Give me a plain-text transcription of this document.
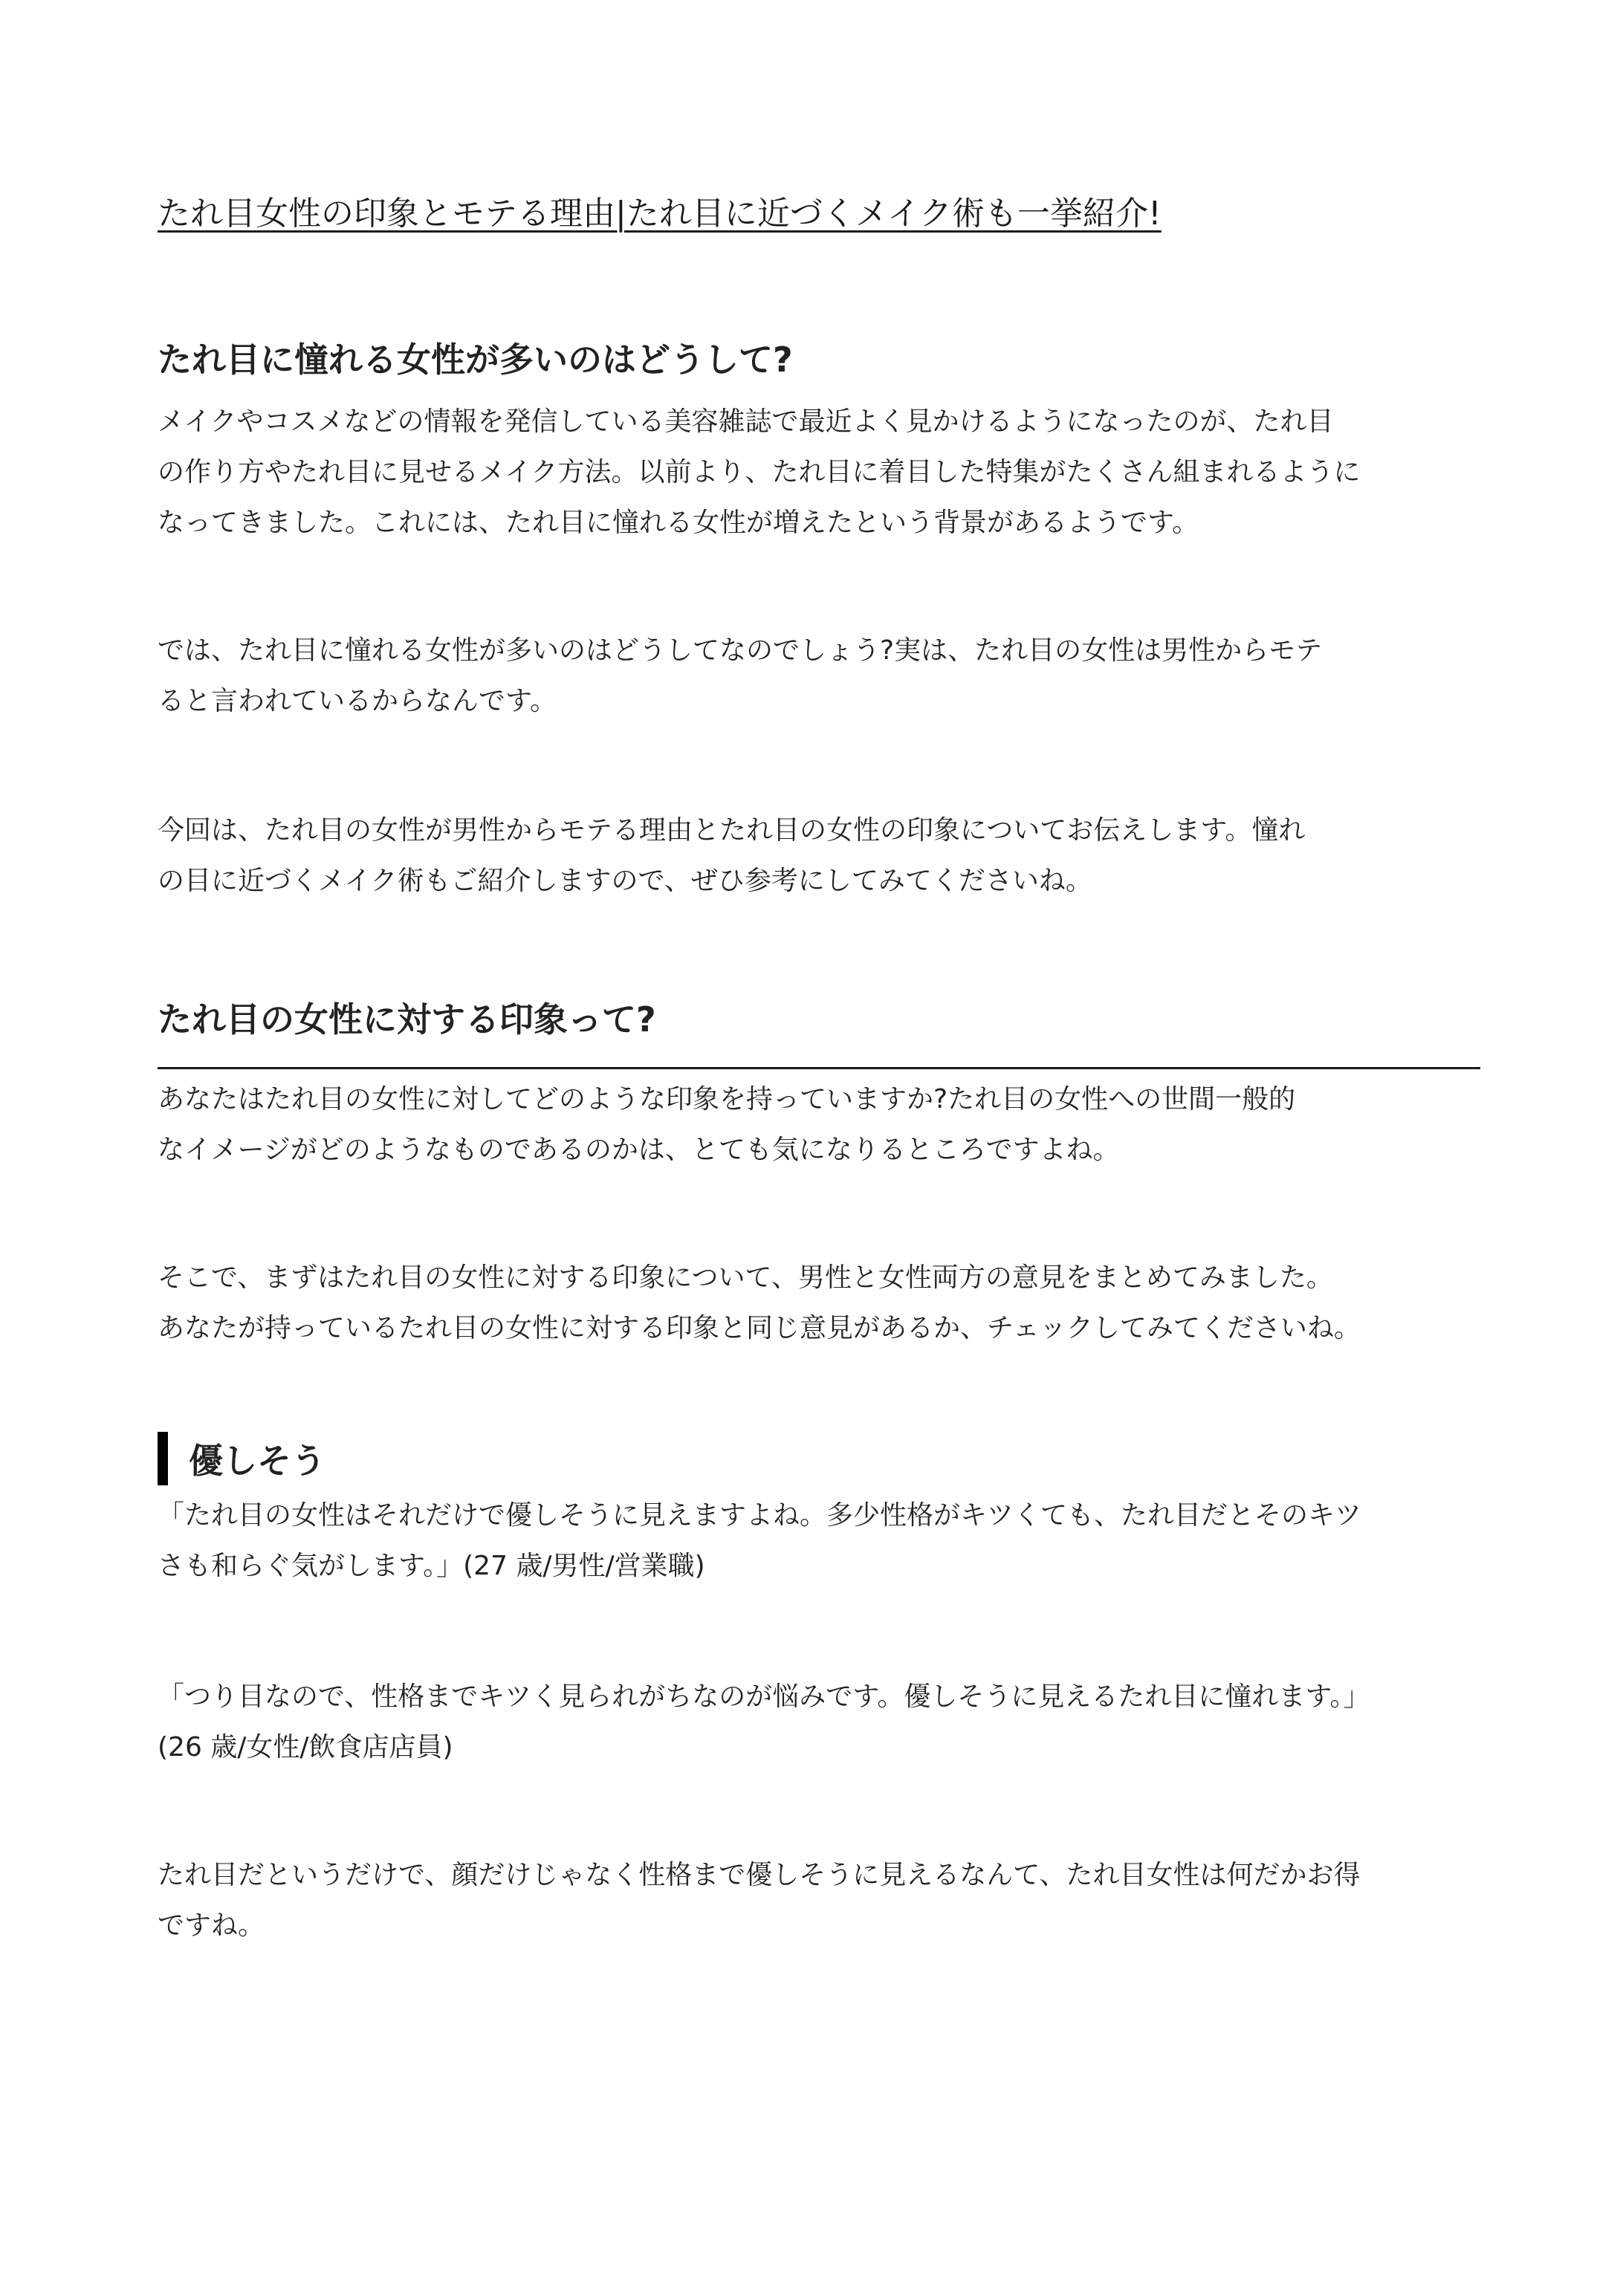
たれ目女性の印象とモテる理由|たれ目に近づくメイク術も一挙紹介!
たれ目に憧れる女性が多いのはどうして?
メイクやコスメなどの情報を発信している美容雑誌で最近よく見かけるようになったのが、たれ目
の作り方やたれ目に見せるメイク方法。以前より、たれ目に着目した特集がたくさん組まれるように
なってきました。これには、たれ目に憧れる女性が増えたという背景があるようです。
では、たれ目に憧れる女性が多いのはどうしてなのでしょう?実は、たれ目の女性は男性からモテ
ると言われているからなんです。
今回は、たれ目の女性が男性からモテる理由とたれ目の女性の印象についてお伝えします。憧れ
の目に近づくメイク術もご紹介しますので、ぜひ参考にしてみてくださいね。
たれ目の女性に対する印象って?
あなたはたれ目の女性に対してどのような印象を持っていますか?たれ目の女性への世間一般的
なイメージがどのようなものであるのかは、とても気になりるところですよね。
そこで、まずはたれ目の女性に対する印象について、男性と女性両方の意見をまとめてみました。
あなたが持っているたれ目の女性に対する印象と同じ意見があるか、チェックしてみてくださいね。
優しそう
「たれ目の女性はそれだけで優しそうに見えますよね。多少性格がキツくても、たれ目だとそのキツ
さも和らぐ気がします。」(27 歳/男性/営業職)
「つり目なので、性格までキツく見られがちなのが悩みです。優しそうに見えるたれ目に憧れます。」
(26 歳/女性/飲食店店員)
たれ目だというだけで、顔だけじゃなく性格まで優しそうに見えるなんて、たれ目女性は何だかお得
ですね。
